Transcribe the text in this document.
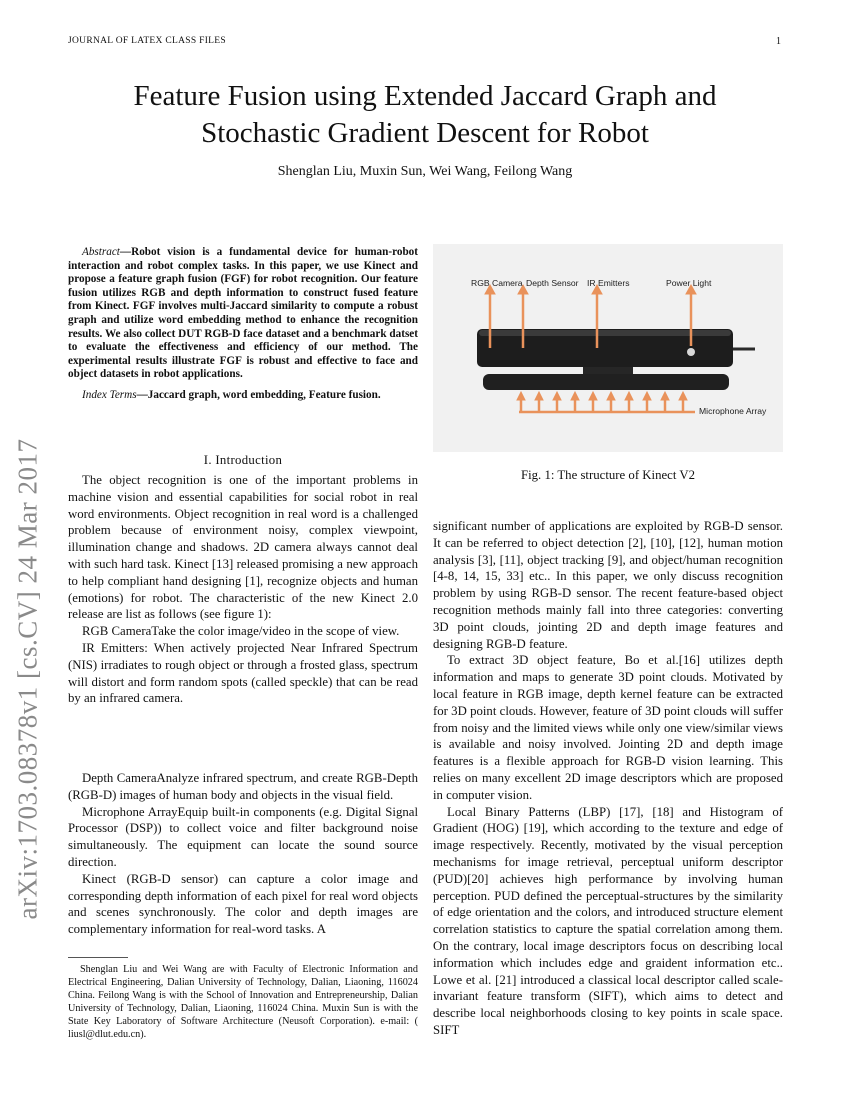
JOURNAL OF LATEX CLASS FILES	1
arXiv:1703.08378v1 [cs.CV] 24 Mar 2017
Feature Fusion using Extended Jaccard Graph and
Stochastic Gradient Descent for Robot
Shenglan Liu, Muxin Sun, Wei Wang, Feilong Wang

Abstract—Robot vision is a fundamental device for human-robot interaction and robot complex tasks. In this paper, we use Kinect and propose a feature graph fusion (FGF) for robot recognition. Our feature fusion utilizes RGB and depth information to construct fused feature from Kinect. FGF involves multi-Jaccard similarity to compute a robust graph and utilize word embedding method to enhance the recognition results. We also collect DUT RGB-D face dataset and a benchmark datset to evaluate the effectiveness and efficiency of our method. The experimental results illustrate FGF is robust and effective to face and object datasets in robot applications.

Index Terms—Jaccard graph, word embedding, Feature fusion.

I. Introduction

The object recognition is one of the important problems in machine vision and essential capabilities for social robot in real word environments. Object recognition in real word is a challenged problem because of environment noisy, complex viewpoint, illumination change and shadows. 2D camera always cannot deal with such hard task. Kinect [13] released promising a new approach to help compliant hand designing [1], recognize objects and human (emotions) for robot. The characteristic of the new Kinect 2.0 release are list as follows (see figure 1):

RGB CameraTake the color image/video in the scope of view.

IR Emitters: When actively projected Near Infrared Spectrum (NIS) irradiates to rough object or through a frosted glass, spectrum will distort and form random spots (called speckle) that can be read by an infrared camera.

Depth CameraAnalyze infrared spectrum, and create RGB-Depth (RGB-D) images of human body and objects in the visual field.

Microphone ArrayEquip built-in components (e.g. Digital Signal Processor (DSP)) to collect voice and filter background noise simultaneously. The equipment can locate the sound source direction.

Kinect (RGB-D sensor) can capture a color image and corresponding depth information of each pixel for real word objects and scenes synchronously. The color and depth images are complementary information for real-word tasks. A

Shenglan Liu and Wei Wang are with Faculty of Electronic Information and Electrical Engineering, Dalian University of Technology, Dalian, Liaoning, 116024 China. Feilong Wang is with the School of Innovation and Entrepreneurship, Dalian University of Technology, Dalian, Liaoning, 116024 China. Muxin Sun is with the State Key Laboratory of Software Architecture (Neusoft Corporation). e-mail: ( liusl@dlut.edu.cn).

RGB Camera Depth Sensor IR Emitters	Power Light
Microphone Array
Fig. 1: The structure of Kinect V2

significant number of applications are exploited by RGB-D sensor. It can be referred to object detection [2], [10], [12], human motion analysis [3], [11], object tracking [9], and object/human recognition [4-8, 14, 15, 33] etc.. In this paper, we only discuss recognition problem by using RGB-D sensor. The recent feature-based object recognition methods mainly fall into three categories: converting 3D point clouds, jointing 2D and depth image features and designing RGB-D feature.

To extract 3D object feature, Bo et al.[16] utilizes depth information and maps to generate 3D point clouds. Motivated by local feature in RGB image, depth kernel feature can be extracted for 3D point clouds. However, feature of 3D point clouds will suffer from noisy and the limited views while only one view/similar views is available and noisy involved. Jointing 2D and depth image features is a flexible approach for RGB-D vision learning. This relies on many excellent 2D image descriptors which are proposed in computer vision.

Local Binary Patterns (LBP) [17], [18] and Histogram of Gradient (HOG) [19], which according to the texture and edge of image respectively. Recently, motivated by the visual perception mechanisms for image retrieval, perceptual uniform descriptor (PUD)[20] achieves high performance by involving human perception. PUD defined the perceptual-structures by the similarity of edge orientation and the colors, and introduced structure element correlation statistics to capture the spatial correlation among them. On the contrary, local image descriptors focus on describing local information which includes edge and graident information etc.. Lowe et al. [21] introduced a classical local descriptor called scale-invariant feature transform (SIFT), which aims to detect and describe local neighborhoods closing to key points in scale space. SIFT
